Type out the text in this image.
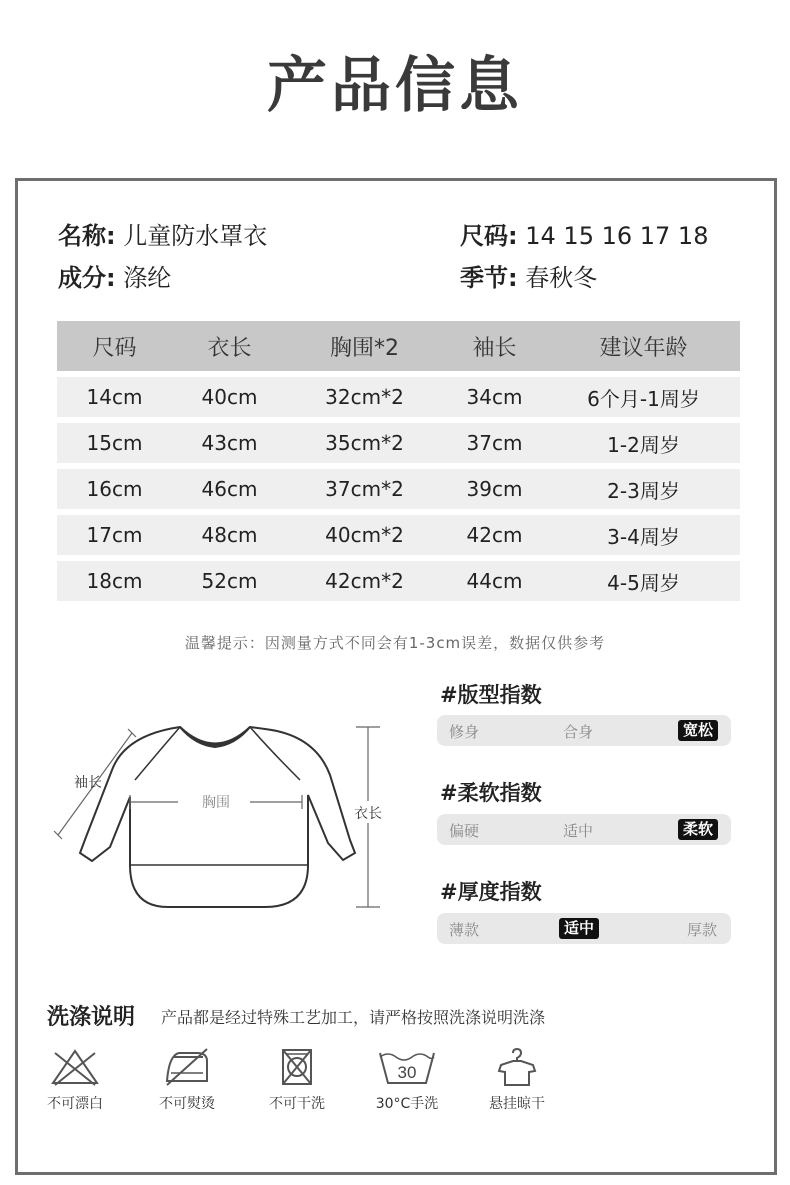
产品信息
名称: 儿童防水罩衣	尺码: 14 15 16 17 18
成分: 涤纶	季节: 春秋冬
尺码	衣长	胸围*2	袖长	建议年龄
14cm	40cm	32cm*2	34cm	6个月-1周岁
15cm	43cm	35cm*2	37cm	1-2周岁
16cm	46cm	37cm*2	39cm	2-3周岁
17cm	48cm	40cm*2	42cm	3-4周岁
18cm	52cm	42cm*2	44cm	4-5周岁
温馨提示：因测量方式不同会有1-3cm误差，数据仅供参考
袖长
胸围
衣长
#版型指数
修身	合身	宽松
#柔软指数
偏硬	适中	柔软
#厚度指数
薄款	适中	厚款
洗涤说明 产品都是经过特殊工艺加工，请严格按照洗涤说明洗涤
不可漂白	不可熨烫	不可干洗
30
30°C手洗	悬挂晾干
